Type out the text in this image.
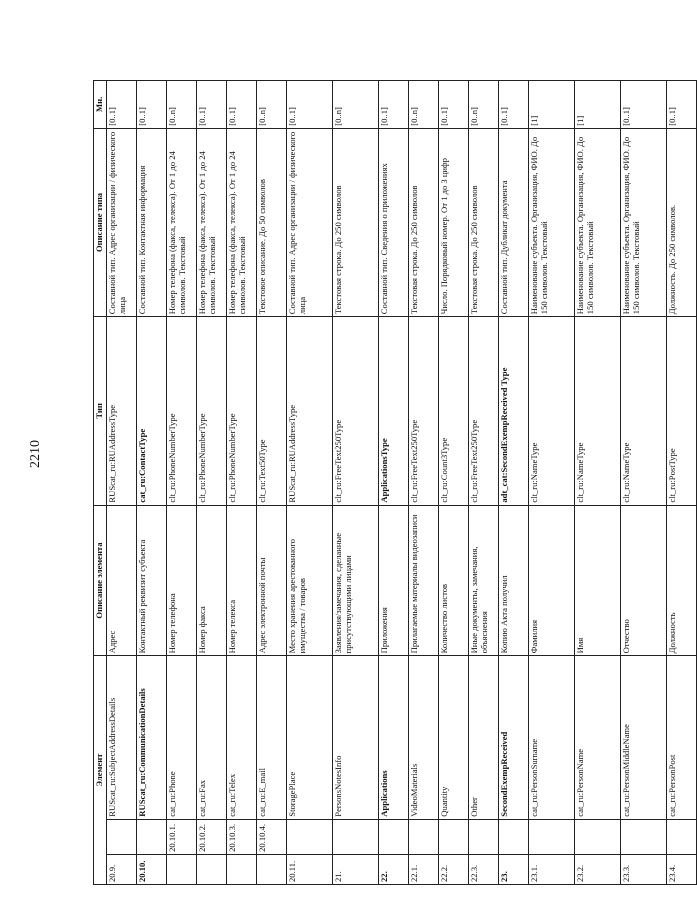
2210
Элемент			Описание элемента	Тип	Описание типа	Мн.
20.9.		RUScat_ru:SubjectAddressDetails	Адрес	RUScat_ru:RUAddressType	Составной тип. Адрес организации / физического лица	[0..1]
20.10.		RUScat_ru:CommunicationDetails	Контактный реквизит субъекта	cat_ru:ContactType	Составной тип. Контактная информация	[0..1]
	20.10.1.	cat_ru:Phone	Номер телефона	clt_ru:PhoneNumberType	Номер телефона (факса, телекса). От 1 до 24 символов. Текстовый	[0..n]
	20.10.2.	cat_ru:Fax	Номер факса	clt_ru:PhoneNumberType	Номер телефона (факса, телекса). От 1 до 24 символов. Текстовый	[0..1]
	20.10.3.	cat_ru:Telex	Номер телекса	clt_ru:PhoneNumberType	Номер телефона (факса, телекса). От 1 до 24 символов. Текстовый	[0..1]
	20.10.4.	cat_ru:E_mail	Адрес электронной почты	clt_ru:Text50Type	Текстовое описание. До 50 символов	[0..n]
20.11.		StoragePlace	Место хранения арестованного имущества / товаров	RUScat_ru:RUAddressType	Составной тип. Адрес организации / физического лица	[0..1]
21.		PersonsNotesInfo	Заявления/замечания, сделанные присутствующими лицами	clt_ru:FreeText250Type	Текстовая строка. До 250 символов	[0..n]
22.		Applications	Приложения	ApplicationsType	Составной тип. Сведения о приложениях	[0..1]
22.1.		VideoMaterials	Прилагаемые материалы видеозаписи	clt_ru:FreeText250Type	Текстовая строка. До 250 символов	[0..n]
22.2.		Quantity	Количество листов	clt_ru:Count3Type	Число. Порядковый номер. От 1 до 3 цифр	[0..1]
22.3.		Other	Иные документы, замечания, объяснения	clt_ru:FreeText250Type	Текстовая строка. До 250 символов	[0..n]
23.		SecondExempReceived	Копию Акта получил	adt_cat:SecondExempReceived Type	Составной тип. Дубликат документа	[0..1]
23.1.		cat_ru:PersonSurname	Фамилия	clt_ru:NameType	Наименование субъекта. Организация, ФИО. До 150 символов. Текстовый	[1]
23.2.		cat_ru:PersonName	Имя	clt_ru:NameType	Наименование субъекта. Организация, ФИО. До 150 символов. Текстовый	[1]
23.3.		cat_ru:PersonMiddleName	Отчество	clt_ru:NameType	Наименование субъекта. Организация, ФИО. До 150 символов. Текстовый	[0..1]
23.4.		cat_ru:PersonPost	Должность	clt_ru:PostType	Должность. До 250 символов.	[0..1]
